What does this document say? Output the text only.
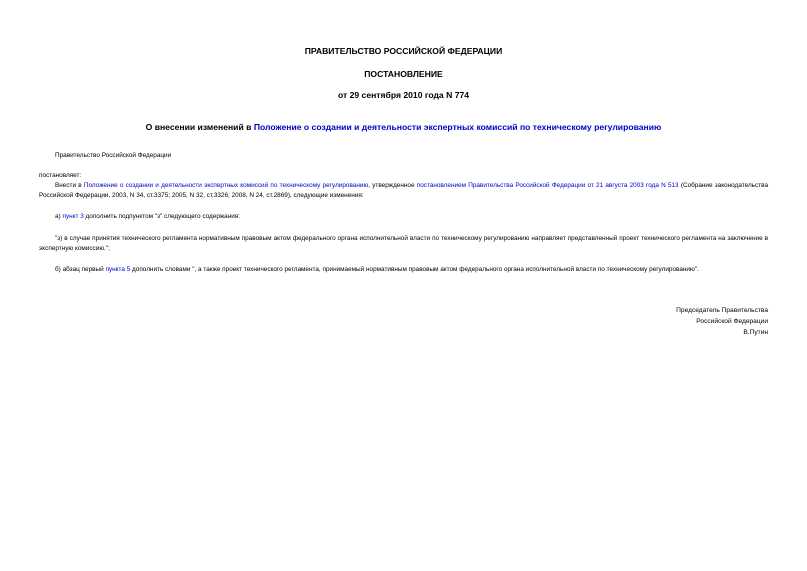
ПРАВИТЕЛЬСТВО РОССИЙСКОЙ ФЕДЕРАЦИИ
ПОСТАНОВЛЕНИЕ
от 29 сентября 2010 года N 774
О внесении изменений в Положение о создании и деятельности экспертных комиссий по техническому регулированию
Правительство Российской Федерации
постановляет:
Внести в Положение о создании и деятельности экспертных комиссий по техническому регулированию, утвержденное постановлением Правительства Российской Федерации от 21 августа 2003 года N 513 (Собрание законодательства Российской Федерации, 2003, N 34, ст.3375; 2005, N 32, ст.3326; 2008, N 24, ст.2869), следующие изменения:
а) пункт 3 дополнить подпунктом "з" следующего содержания:
"з) в случае принятия технического регламента нормативным правовым актом федерального органа исполнительной власти по техническому регулированию направляет представленный проект технического регламента на заключение в экспертную комиссию.";
б) абзац первый пункта 5 дополнить словами ", а также проект технического регламента, принимаемый нормативным правовым актом федерального органа исполнительной власти по техническому регулированию".
Председатель Правительства
Российской Федерации
В.Путин
